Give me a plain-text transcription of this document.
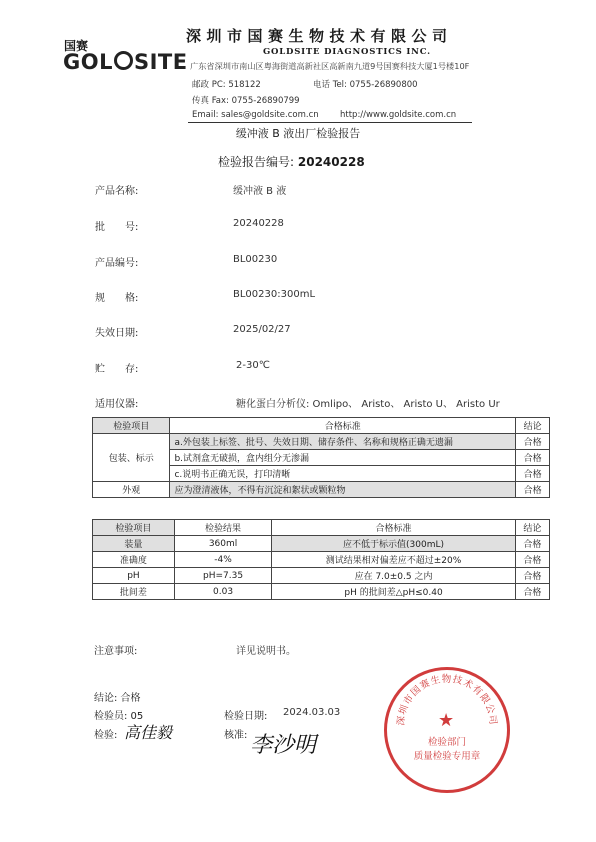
国赛
GOL SITE
深圳市国赛生物技术有限公司
GOLDSITE DIAGNOSTICS INC.
广东省深圳市南山区粤海街道高新社区高新南九道9号国赛科技大厦1号楼10F
邮政 PC: 518122	电话 Tel: 0755-26890800
传真 Fax: 0755-26890799
Email: sales@goldsite.com.cn	http://www.goldsite.com.cn
缓冲液 B 液出厂检验报告
检验报告编号: 20240228
产品名称:	缓冲液 B 液
批　　号:	20240228
产品编号:	BL00230
规　　格:	BL00230:300mL
失效日期:	2025/02/27
贮　　存:	2-30℃
适用仪器:	糖化蛋白分析仪: Omlipo、 Aristo、 Aristo U、 Aristo Ur
检验项目	合格标准	结论
包装、标示	a.外包装上标签、批号、失效日期、储存条件、名称和规格正确无遗漏	合格
	b.试剂盒无破损，盒内组分无渗漏	合格
	c.说明书正确无误，打印清晰	合格
外观	应为澄清液体，不得有沉淀和絮状或颗粒物	合格
检验项目	检验结果	合格标准	结论
装量	360ml	应不低于标示值(300mL)	合格
准确度	-4%	测试结果相对偏差应不超过±20%	合格
pH	pH=7.35	应在 7.0±0.5 之内	合格
批间差	0.03	pH 的批间差△pH≤0.40	合格
注意事项:	详见说明书。
结论: 合格
检验员: 05	检验日期: 2024.03.03
检验: 高佳毅	核准: 李沙明
深圳市国赛生物技术有限公司
★
检验部门
质量检验专用章
